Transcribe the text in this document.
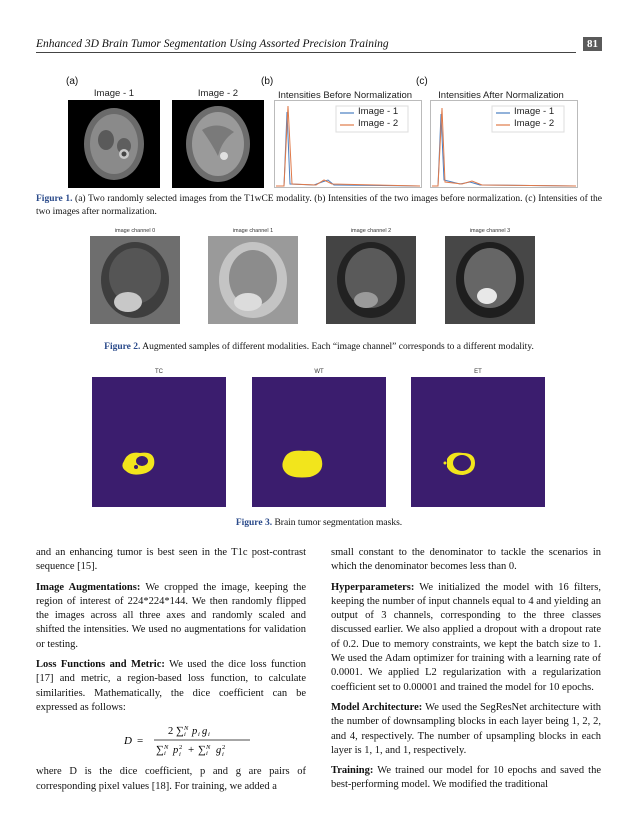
Enhanced 3D Brain Tumor Segmentation Using Assorted Precision Training	81
(a)	(b)	(c)
Image - 1	Image - 2	Intensities Before Normalization	Intensities After Normalization
Image - 1
Image - 2
Image - 1
Image - 2
Figure 1. (a) Two randomly selected images from the T1wCE modality. (b) Intensities of the two images before normalization. (c) Intensities of the two images after normalization.
image channel 0	image channel 1	image channel 2	image channel 3
Figure 2. Augmented samples of different modalities. Each “image channel” corresponds to a different modality.
TC	WT	ET
Figure 3. Brain tumor segmentation masks.

and an enhancing tumor is best seen in the T1c post-contrast sequence [15].

Image Augmentations: We cropped the image, keeping the region of interest of 224*224*144. We then randomly flipped the images across all three axes and randomly scaled and shifted the intensities. We used no augmentations for validation or testing.

Loss Functions and Metric: We used the dice loss function [17] and metric, a region-based loss function, to calculate similarities. Mathematically, the dice coefficient can be expressed as follows:

D =
2 ∑ N
i p i g i
∑ N
i p 2
i + ∑ N
i g 2
i

where D is the dice coefficient, p and g are pairs of corresponding pixel values [18]. For training, we added a

small constant to the denominator to tackle the scenarios in which the denominator becomes less than 0.

Hyperparameters: We initialized the model with 16 filters, keeping the number of input channels equal to 4 and yielding an output of 3 channels, corresponding to the three classes discussed earlier. We also applied a dropout with a dropout rate of 0.2. Due to memory constraints, we kept the batch size to 1. We used the Adam optimizer for training with a learning rate of 0.0001. We applied L2 regularization with a regularization coefficient set to 0.00001 and trained the model for 10 epochs.

Model Architecture: We used the SegResNet architecture with the number of downsampling blocks in each layer being 1, 2, 2, and 4, respectively. The number of upsampling blocks in each layer is 1, 1, and 1, respectively.

Training: We trained our model for 10 epochs and saved the best-performing model. We modified the traditional
